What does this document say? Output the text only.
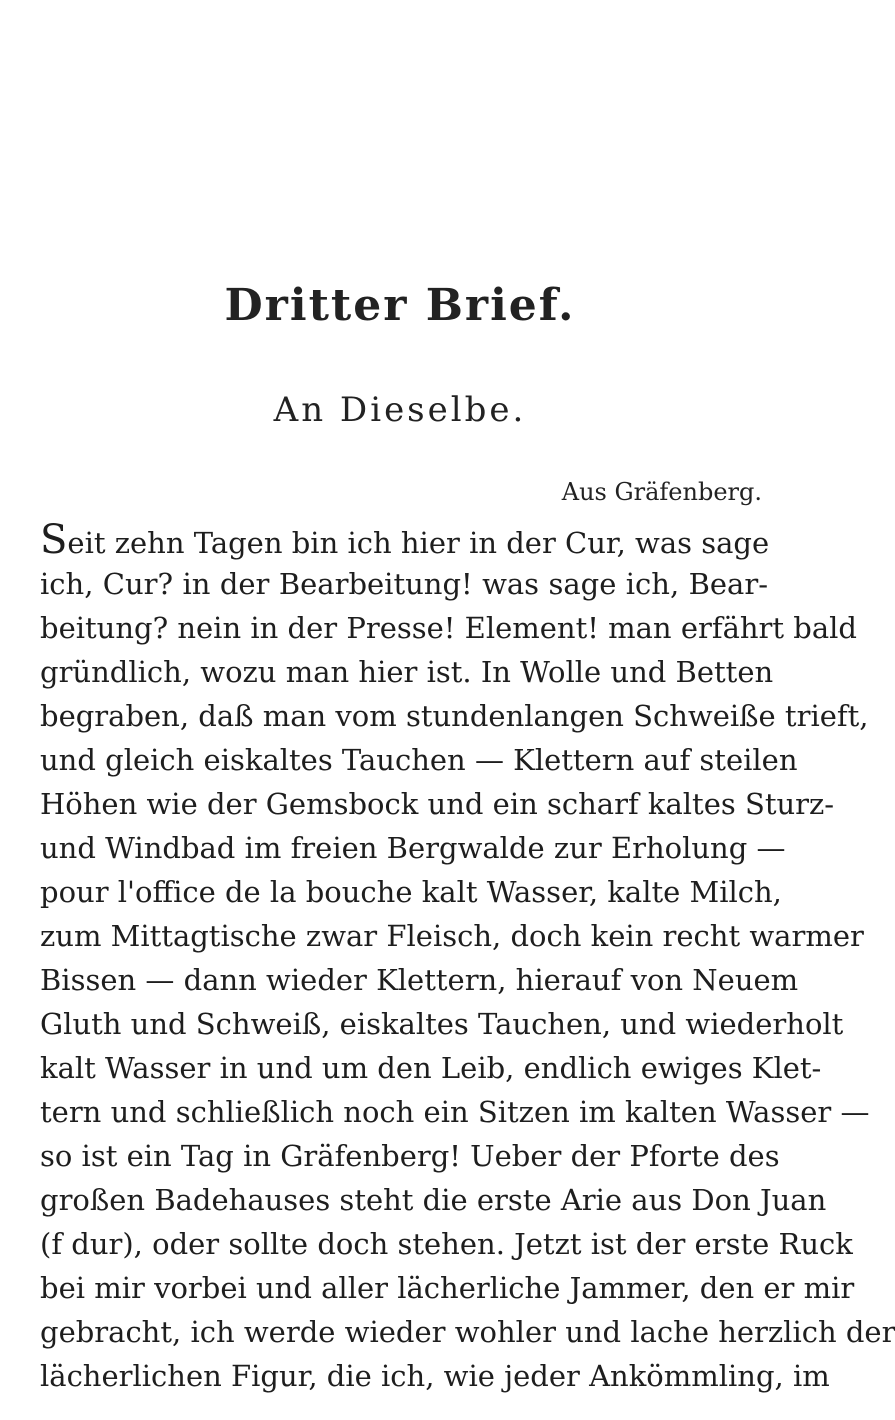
Dritter Brief.
An Dieselbe.
Aus Gräfenberg.
Seit zehn Tagen bin ich hier in der Cur, was sage
ich, Cur? in der Bearbeitung! was sage ich, Bear-
beitung? nein in der Presse! Element! man erfährt bald
gründlich, wozu man hier ist. In Wolle und Betten
begraben, daß man vom stundenlangen Schweiße trieft,
und gleich eiskaltes Tauchen — Klettern auf steilen
Höhen wie der Gemsbock und ein scharf kaltes Sturz-
und Windbad im freien Bergwalde zur Erholung —
pour l'office de la bouche kalt Wasser, kalte Milch,
zum Mittagtische zwar Fleisch, doch kein recht warmer
Bissen — dann wieder Klettern, hierauf von Neuem
Gluth und Schweiß, eiskaltes Tauchen, und wiederholt
kalt Wasser in und um den Leib, endlich ewiges Klet-
tern und schließlich noch ein Sitzen im kalten Wasser —
so ist ein Tag in Gräfenberg! Ueber der Pforte des
großen Badehauses steht die erste Arie aus Don Juan
(f dur), oder sollte doch stehen. Jetzt ist der erste Ruck
bei mir vorbei und aller lächerliche Jammer, den er mir
gebracht, ich werde wieder wohler und lache herzlich der
lächerlichen Figur, die ich, wie jeder Ankömmling, im
